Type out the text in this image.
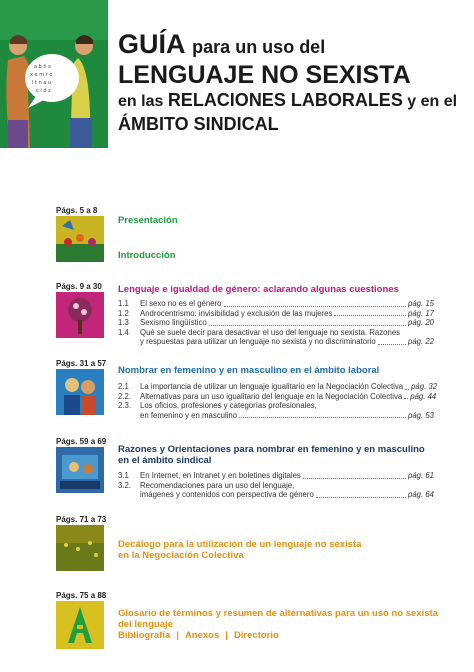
a b ñ s
x e m r o
l t n a u
c i d z
GUÍA para un uso del
LENGUAJE NO SEXISTA
en las RELACIONES LABORALES y en el
ÁMBITO SINDICAL
Págs. 5 a 8
Presentación
Introducción
Págs. 9 a 30 Lenguaje e igualdad de género: aclarando algunas cuestiones
1.1	El sexo no es el género	pág. 15
1.2	Androcentrismo: invisibilidad y exclusión de las mujeres	pág. 17
1.3	Sexismo lingüístico	pág. 20
1.4	Qué se suele decir para desactivar el uso del lenguaje no sexista. Razones
y respuestas para utilizar un lenguaje no sexista y no discriminatorio	pág. 22
Págs. 31 a 57
Nombrar en femenino y en masculino en el ámbito laboral
2.1	La importancia de utilizar un lenguaje igualitario en la Negociación Colectiva pág. 32
2.2.	Alternativas para un uso igualitario del lenguaje en la Negociación Colectiva pág. 44
2.3.	Los oficios, profesiones y categorías profesionales,
en femenino y en masculino	pág. 53
Págs. 59 a 69
Razones y Orientaciones para nombrar en femenino y en masculino
en el ámbito sindical
3.1	En Internet, en Intranet y en boletines digitales	pág. 61
3.2.	Recomendaciones para un uso del lenguaje,
imágenes y contenidos con perspectiva de género	pág. 64
Págs. 71 a 73
Decálogo para la utilización de un lenguaje no sexista
en la Negociación Colectiva
Págs. 75 a 88
Glosario de términos y resumen de alternativas para un uso no sexista
del lenguaje
Bibliografía | Anexos | Directorio
